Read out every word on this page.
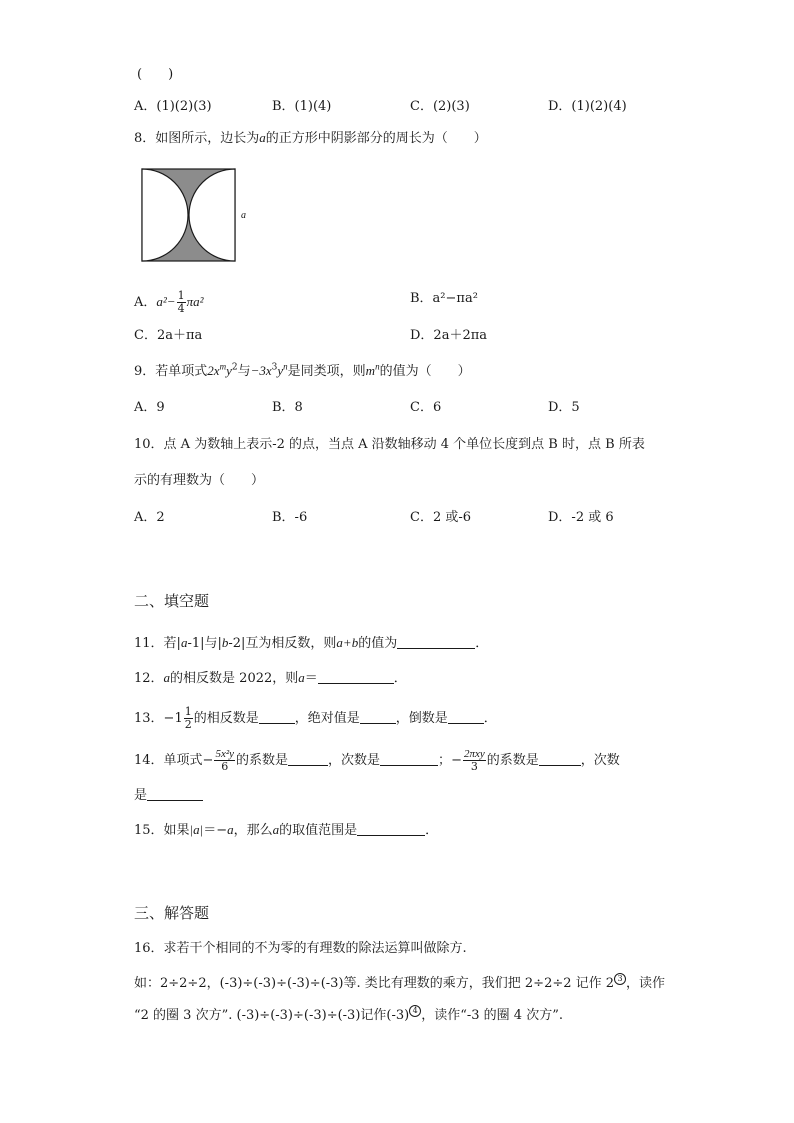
(　　)
A．(1)(2)(3)	B．(1)(4)	C．(2)(3)	D．(1)(2)(4)
8．如图所示，边长为a的正方形中阴影部分的周长为（　　）
a
A．$a^2- \frac{1}{4} \pi a^2$	B．a²−πa²
C．2a＋πa	D．2a＋2πa
9．若单项式$2x^my^2$与$-3x^3y^n$是同类项，则$m^n$的值为（　　）
A．9	B．8	C．6	D．5
10．点 A 为数轴上表示-2 的点，当点 A 沿数轴移动 4 个单位长度到点 B 时，点 B 所表
示的有理数为（　　）
A．2	B．-6	C．2 或-6	D．-2 或 6
二、填空题
11．若|a-1|与|b-2|互为相反数，则a+b的值为	．
12．a的相反数是 2022，则a＝	．
13．$-1 \frac{1}{2}$ 的相反数是	，绝对值是	，倒数是	．
14．单项式− $\frac{\text{5x²y}}{6}$ 的系数是	，次数是	；− $\frac{\text{2πxy}}{3}$ 的系数是	，次数
是
15．如果|a|＝−a，那么a的取值范围是	．
三、解答题
16．求若干个相同的不为零的有理数的除法运算叫做除方.
如：2÷2÷2，(-3)÷(-3)÷(-3)÷(-3)等. 类比有理数的乘方，我们把 2÷2÷2 记作 2 3 ，读作
“2 的圈 3 次方”. (-3)÷(-3)÷(-3)÷(-3)记作(-3) 4 ，读作“-3 的圈 4 次方”.
